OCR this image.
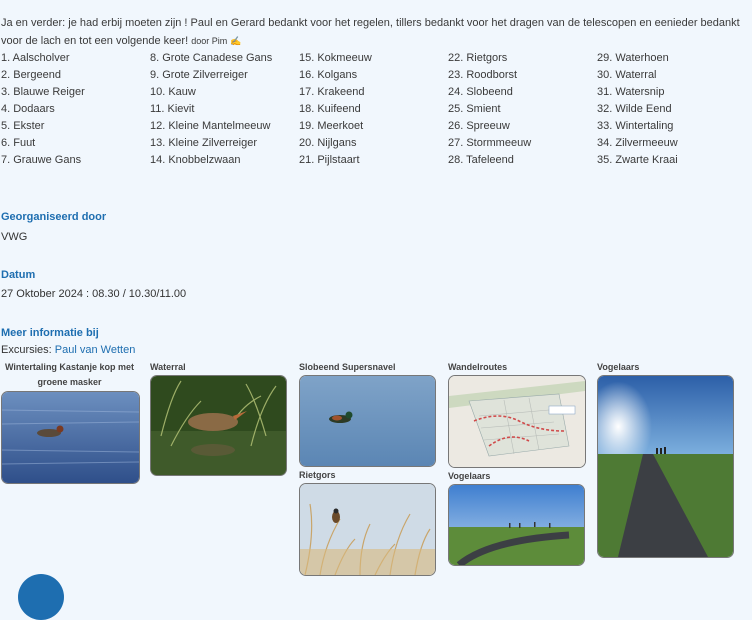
Ja en verder: je had erbij moeten zijn ! Paul en Gerard bedankt voor het regelen, tillers bedankt voor het dragen van de telescopen en eenieder bedankt voor de lach en tot een volgende keer! door Pim ✍
1. Aalscholver
2. Bergeend
3. Blauwe Reiger
4. Dodaars
5. Ekster
6. Fuut
7. Grauwe Gans
8. Grote Canadese Gans
9. Grote Zilverreiger
10. Kauw
11. Kievit
12. Kleine Mantelmeeuw
13. Kleine Zilverreiger
14. Knobbelzwaan
15. Kokmeeuw
16. Kolgans
17. Krakeend
18. Kuifeend
19. Meerkoet
20. Nijlgans
21. Pijlstaart
22. Rietgors
23. Roodborst
24. Slobeend
25. Smient
26. Spreeuw
27. Stormmeeuw
28. Tafeleend
29. Waterhoen
30. Waterral
31. Watersnip
32. Wilde Eend
33. Wintertaling
34. Zilvermeeuw
35. Zwarte Kraai
Georganiseerd door
VWG
Datum
27 Oktober 2024 : 08.30 / 10.30/11.00
Meer informatie bij
Excursies: Paul van Wetten
Wintertaling Kastanje kop met groene masker
Waterral	Slobeend Supersnavel	Wandelroutes	Vogelaars
Rietgors	Vogelaars
